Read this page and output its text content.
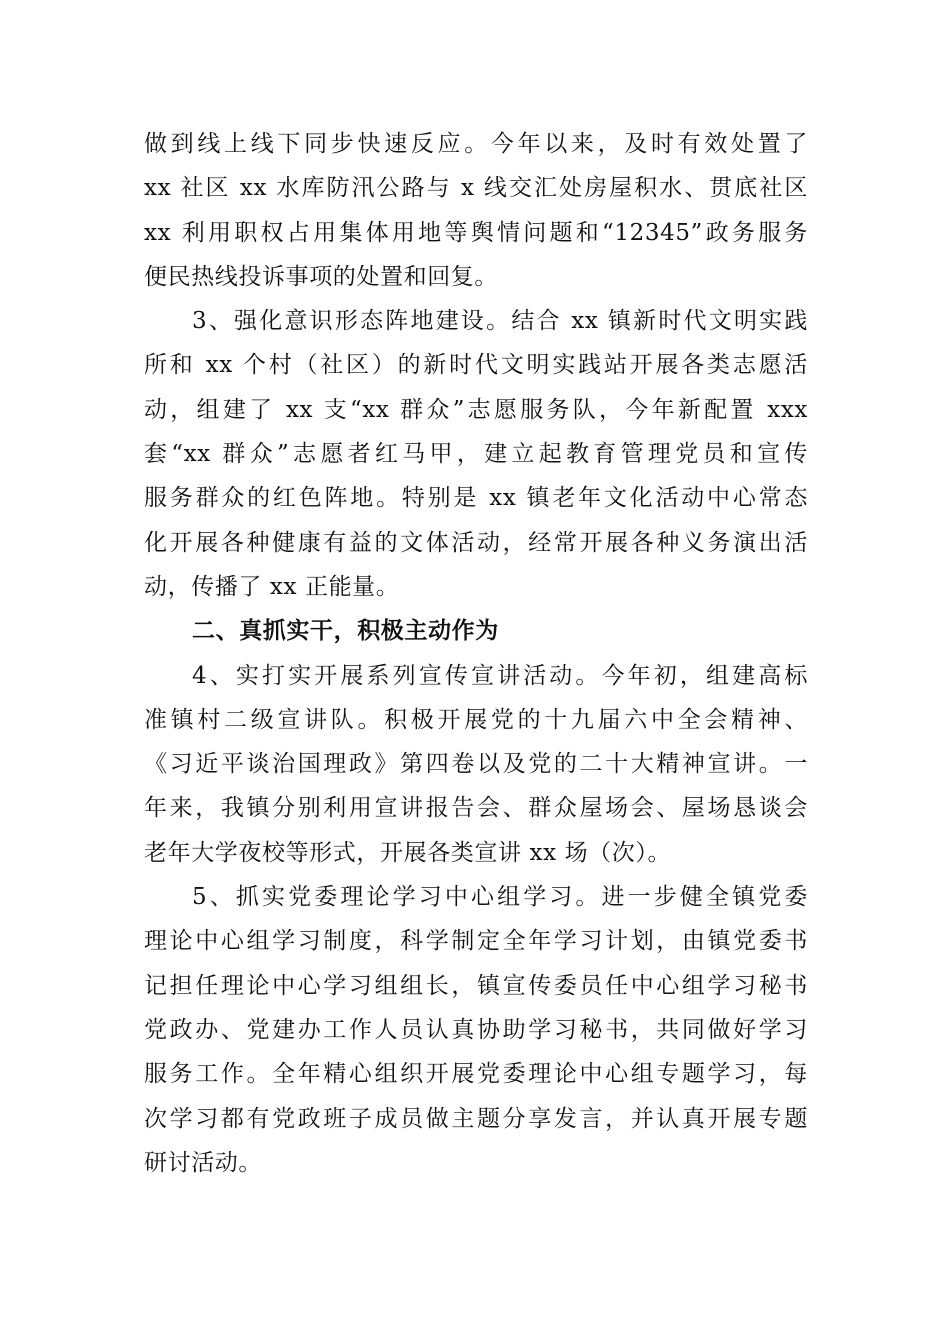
做到线上线下同步快速反应。今年以来，及时有效处置了
xx 社区 xx 水库防汛公路与 x 线交汇处房屋积水、贯底社区
xx 利用职权占用集体用地等舆情问题和“12345”政务服务
便民热线投诉事项的处置和回复。
3、强化意识形态阵地建设。结合 xx 镇新时代文明实践
所和 xx 个村（社区）的新时代文明实践站开展各类志愿活
动，组建了 xx 支“xx 群众”志愿服务队，今年新配置 xxx
套“xx 群众”志愿者红马甲，建立起教育管理党员和宣传
服务群众的红色阵地。特别是 xx 镇老年文化活动中心常态
化开展各种健康有益的文体活动，经常开展各种义务演出活
动，传播了 xx 正能量。
二、真抓实干，积极主动作为
4、实打实开展系列宣传宣讲活动。今年初，组建高标
准镇村二级宣讲队。积极开展党的十九届六中全会精神、
《习近平谈治国理政》第四卷以及党的二十大精神宣讲。一
年来，我镇分别利用宣讲报告会、群众屋场会、屋场恳谈会
老年大学夜校等形式，开展各类宣讲 xx 场（次）。
5、抓实党委理论学习中心组学习。进一步健全镇党委
理论中心组学习制度，科学制定全年学习计划，由镇党委书
记担任理论中心学习组组长，镇宣传委员任中心组学习秘书
党政办、党建办工作人员认真协助学习秘书，共同做好学习
服务工作。全年精心组织开展党委理论中心组专题学习，每
次学习都有党政班子成员做主题分享发言，并认真开展专题
研讨活动。
